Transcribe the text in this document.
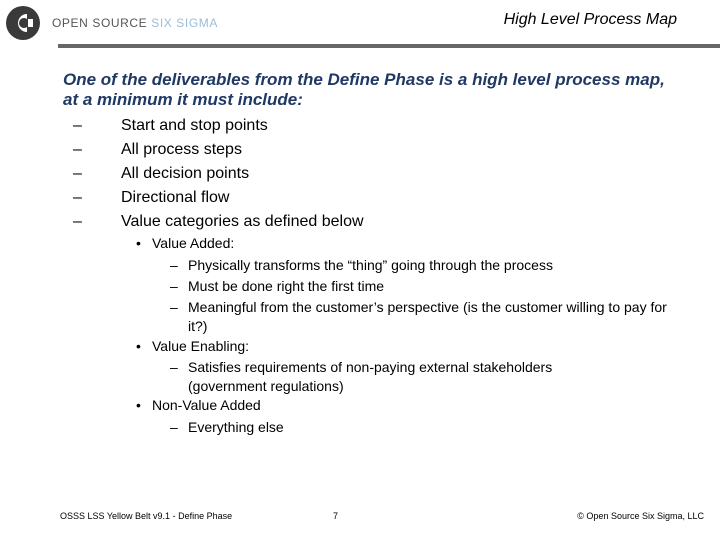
OPEN SOURCE SIX SIGMA	High Level Process Map
One of the deliverables from the Define Phase is a high level process map, at a minimum it must include:
– Start and stop points
– All process steps
– All decision points
– Directional flow
– Value categories as defined below
• Value Added:
– Physically transforms the “thing” going through the process
– Must be done right the first time
– Meaningful from the customer’s perspective (is the customer willing to pay for it?)
• Value Enabling:
– Satisfies requirements of non-paying external stakeholders (government regulations)
• Non-Value Added
– Everything else
OSSS LSS Yellow Belt v9.1 - Define Phase	7	© Open Source Six Sigma, LLC
